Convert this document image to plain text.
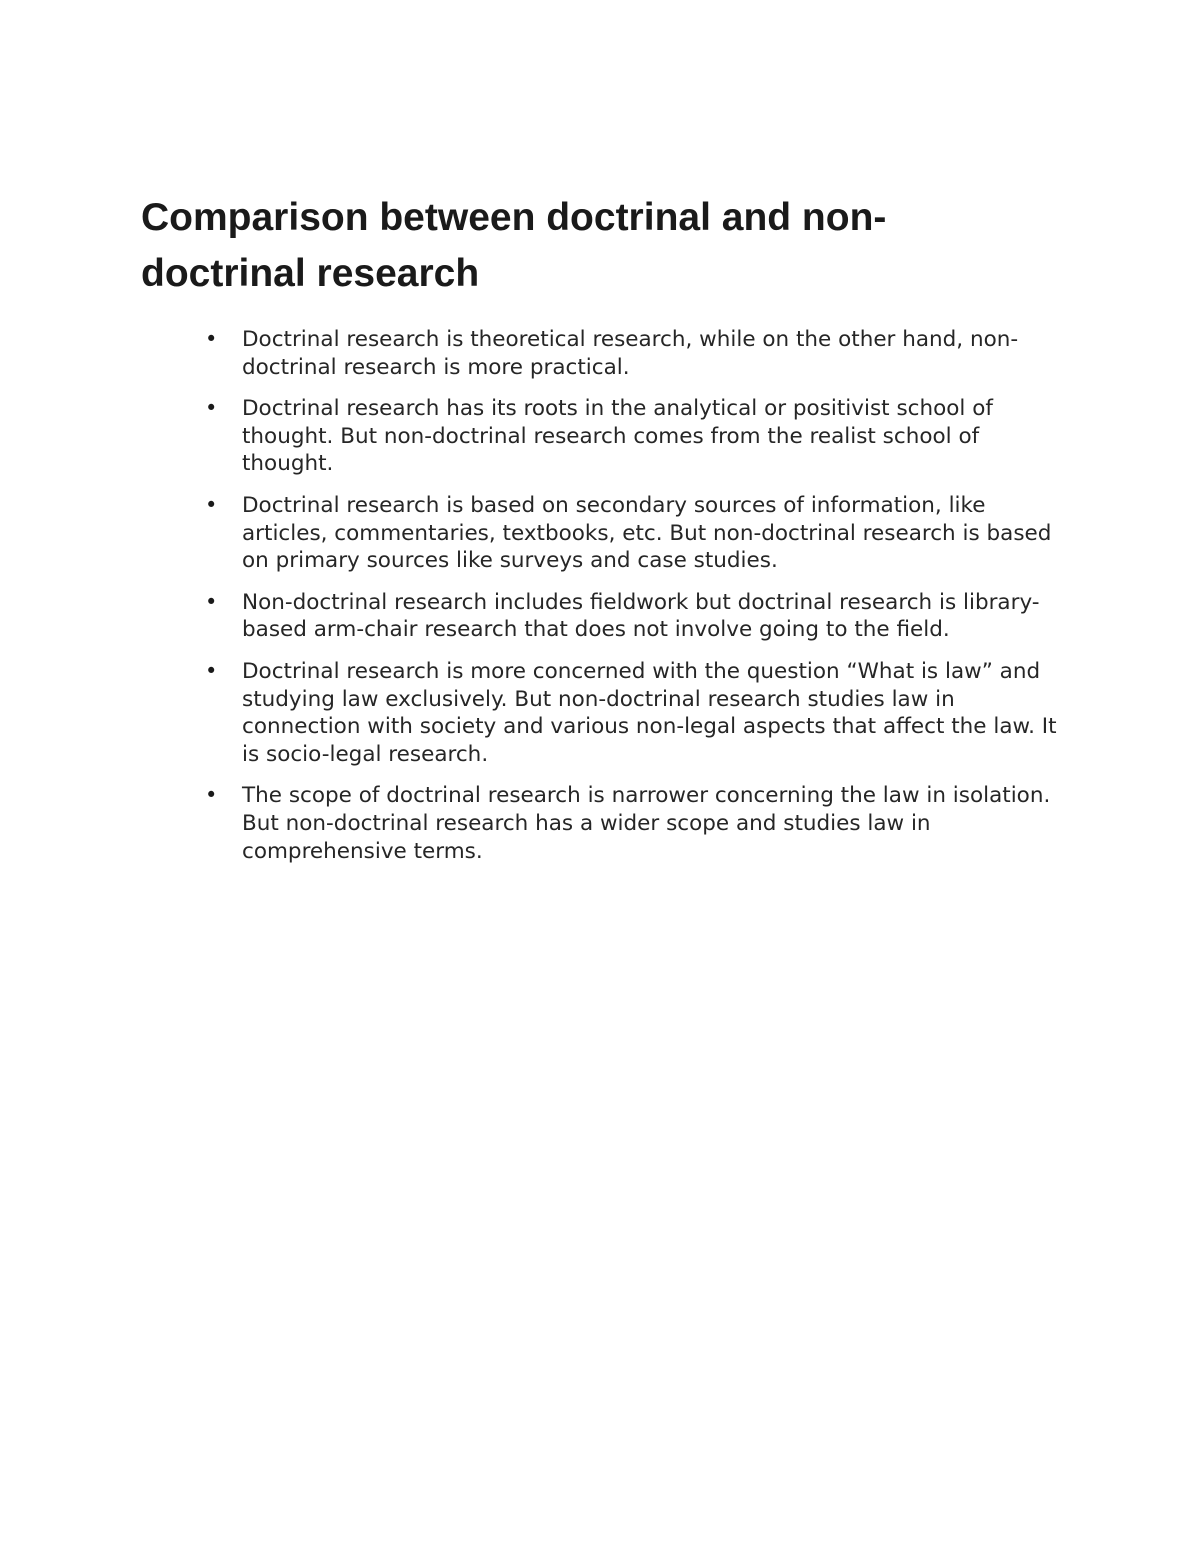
Comparison between doctrinal and non-doctrinal research
• Doctrinal research is theoretical research, while on the other hand, non-doctrinal research is more practical.
• Doctrinal research has its roots in the analytical or positivist school of thought. But non-doctrinal research comes from the realist school of thought.
• Doctrinal research is based on secondary sources of information, like articles, commentaries, textbooks, etc. But non-doctrinal research is based on primary sources like surveys and case studies.
• Non-doctrinal research includes fieldwork but doctrinal research is library-based arm-chair research that does not involve going to the field.
• Doctrinal research is more concerned with the question “What is law” and studying law exclusively. But non-doctrinal research studies law in connection with society and various non-legal aspects that affect the law. It is socio-legal research.
• The scope of doctrinal research is narrower concerning the law in isolation. But non-doctrinal research has a wider scope and studies law in comprehensive terms.
